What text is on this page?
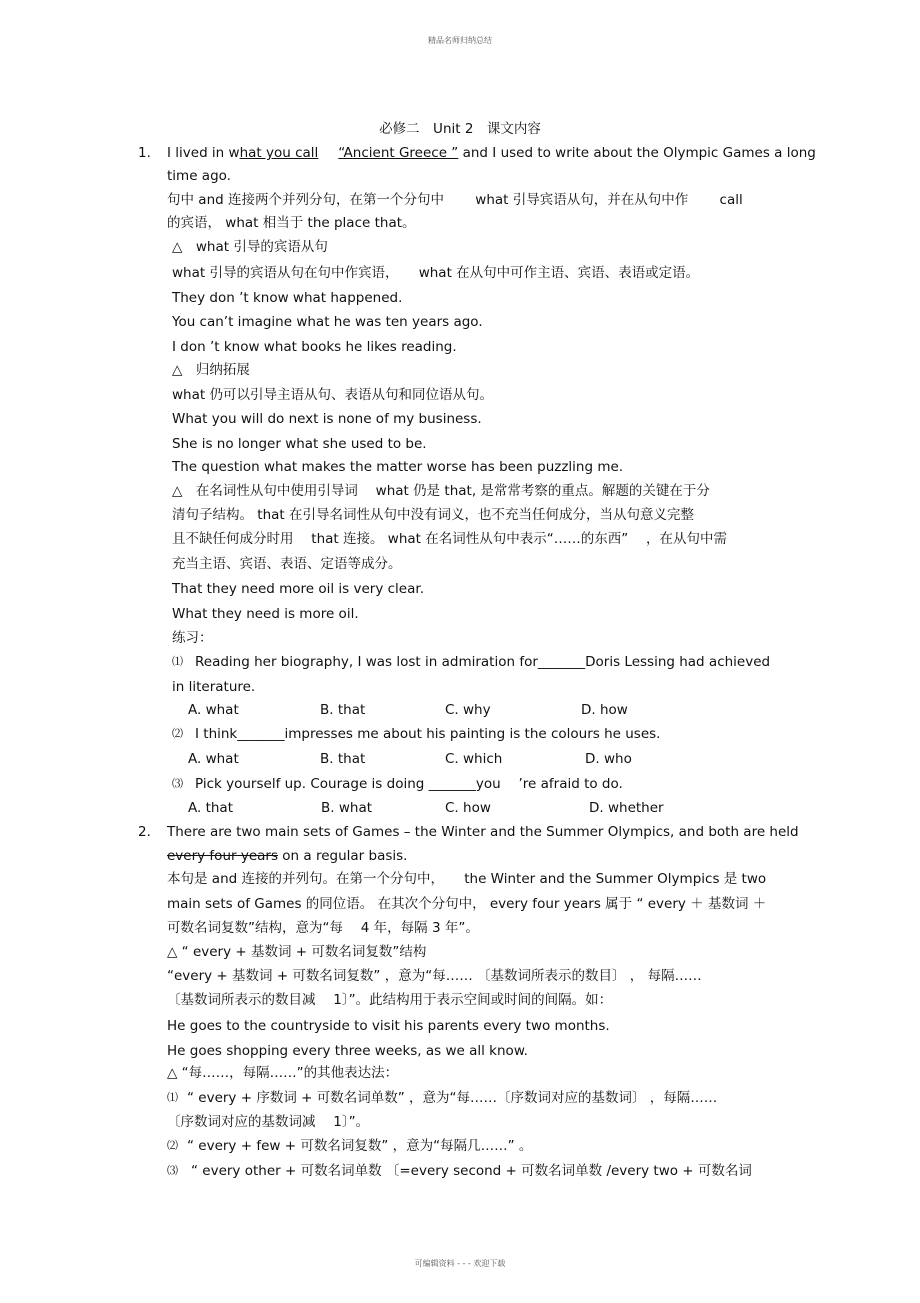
精品名师归纳总结
必修二　Unit 2　课文内容
1. I lived in what you call “Ancient Greece ” and I used to write about the Olympic Games a long
time ago.
句中 and 连接两个并列分句，在第一个分句中 　　what 引导宾语从句，并在从句中作 　　call
的宾语， what 相当于 the place that。
△　what 引导的宾语从句
what 引导的宾语从句在句中作宾语，　　what 在从句中可作主语、宾语、表语或定语。
They don ’t know what happened.
You can’t imagine what he was ten years ago.
I don ’t know what books he likes reading.
△　归纳拓展
what 仍可以引导主语从句、表语从句和同位语从句。
What you will do next is none of my business.
She is no longer what she used to be.
The question what makes the matter worse has been puzzling me.
△　在名词性从句中使用引导词 　what 仍是 that, 是常常考察的重点。解题的关键在于分
清句子结构。 that 在引导名词性从句中没有词义，也不充当任何成分，当从句意义完整
且不缺任何成分时用 　that 连接。 what 在名词性从句中表示“……的东西” 　，在从句中需
充当主语、宾语、表语、定语等成分。
That they need more oil is very clear.
What they need is more oil.
练习：
⑴ Reading her biography, I was lost in admiration for_______Doris Lessing had achieved
in literature.
A. what	B. that	C. why	D. how
⑵ I think_______impresses me about his painting is the colours he uses.
A. what	B. that	C. which	D. who
⑶ Pick yourself up. Courage is doing _______you 　’re afraid to do.
A. that	B. what	C. how	D. whether
2. There are two main sets of Games – the Winter and the Summer Olympics, and both are held
every four years on a regular basis.
本句是 and 连接的并列句。在第一个分句中，　　the Winter and the Summer Olympics 是 two
main sets of Games 的同位语。 在其次个分句中， every four years 属于 “ every ＋ 基数词 ＋
可数名词复数”结构，意为“每 　4 年，每隔 3 年”。
△ “ every + 基数词 + 可数名词复数”结构
“every + 基数词 + 可数名词复数” ，意为“每…… 〔基数词所表示的数目〕 ， 每隔……
〔基数词所表示的数目减 　1〕”。此结构用于表示空间或时间的间隔。如：
He goes to the countryside to visit his parents every two months.
He goes shopping every three weeks, as we all know.
△ “每……，每隔……”的其他表达法：
⑴ “ every + 序数词 + 可数名词单数” ，意为“每……〔序数词对应的基数词〕 ，每隔……
〔序数词对应的基数词减 　1〕”。
⑵ “ every + few + 可数名词复数” ，意为“每隔几……” 。
⑶ “ every other + 可数名词单数 〔=every second + 可数名词单数 /every two + 可数名词
可编辑资料 - - - 欢迎下载
